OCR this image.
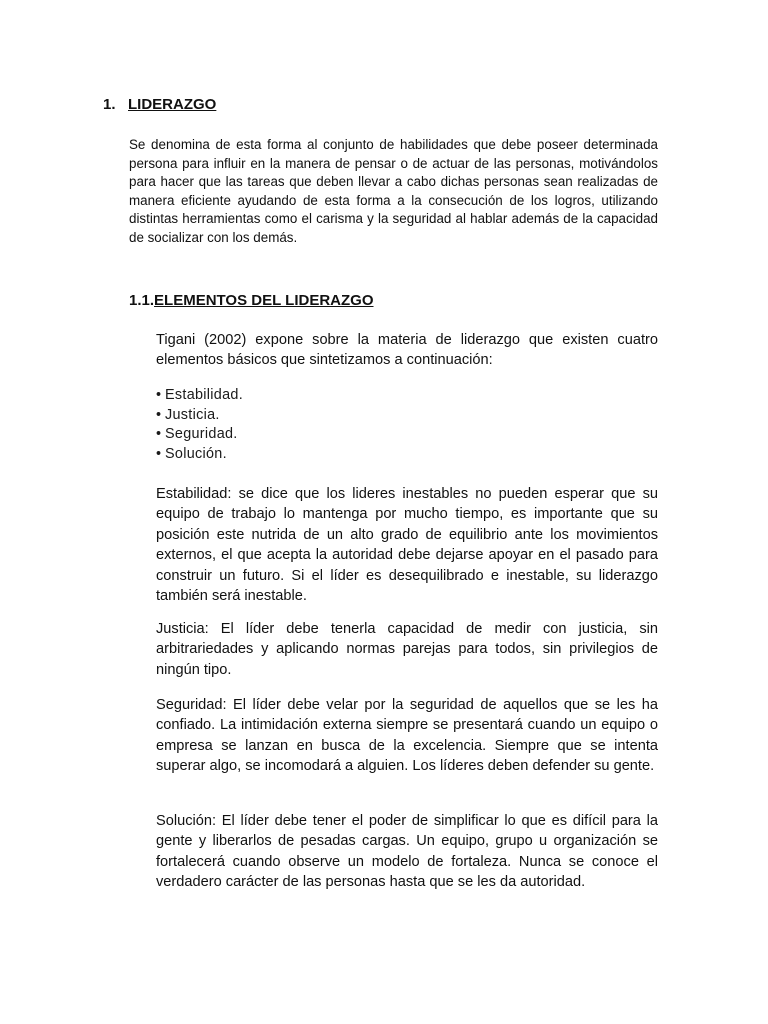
1. LIDERAZGO

Se denomina de esta forma al conjunto de habilidades que debe poseer determinada persona para influir en la manera de pensar o de actuar de las personas, motivándolos para hacer que las tareas que deben llevar a cabo dichas personas sean realizadas de manera eficiente ayudando de esta forma a la consecución de los logros, utilizando distintas herramientas como el carisma y la seguridad al hablar además de la capacidad de socializar con los demás.

1.1. ELEMENTOS DEL LIDERAZGO

Tigani (2002) expone sobre la materia de liderazgo que existen cuatro elementos básicos que sintetizamos a continuación:

• Estabilidad.
• Justicia.
• Seguridad.
• Solución.

Estabilidad: se dice que los lideres inestables no pueden esperar que su equipo de trabajo lo mantenga por mucho tiempo, es importante que su posición este nutrida de un alto grado de equilibrio ante los movimientos externos, el que acepta la autoridad debe dejarse apoyar en el pasado para construir un futuro. Si el líder es desequilibrado e inestable, su liderazgo también será inestable.

Justicia: El líder debe tenerla capacidad de medir con justicia, sin arbitrariedades y aplicando normas parejas para todos, sin privilegios de ningún tipo.

Seguridad: El líder debe velar por la seguridad de aquellos que se les ha confiado. La intimidación externa siempre se presentará cuando un equipo o empresa se lanzan en busca de la excelencia. Siempre que se intenta superar algo, se incomodará a alguien. Los líderes deben defender su gente.

Solución: El líder debe tener el poder de simplificar lo que es difícil para la gente y liberarlos de pesadas cargas. Un equipo, grupo u organización se fortalecerá cuando observe un modelo de fortaleza. Nunca se conoce el verdadero carácter de las personas hasta que se les da autoridad.
